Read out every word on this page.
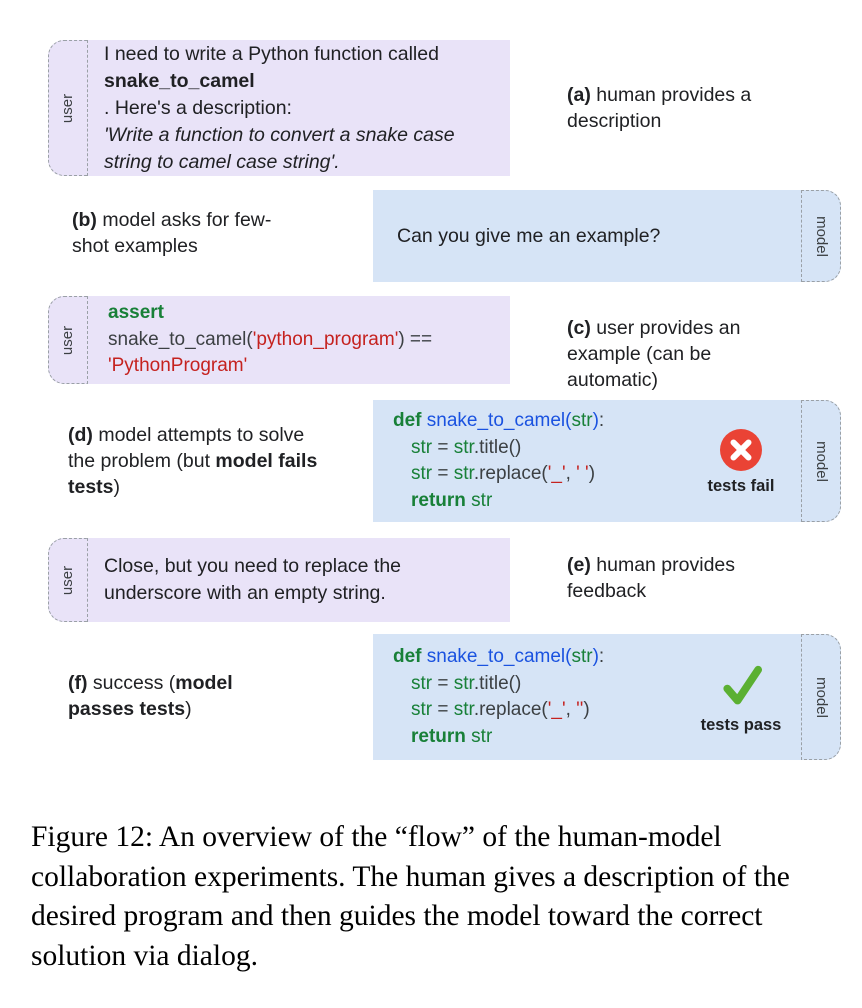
user
I need to write a Python function called
snake_to_camel
. Here's a description:
'Write a function to convert a snake case string to camel case string'.
(a) human provides a description
(b) model asks for few-shot examples	Can you give me an example?	model
user
assert
snake_to_camel('python_program') ==
'PythonProgram'
(c) user provides an example (can be automatic)
(d) model attempts to solve the problem (but model fails tests)
def snake_to_camel(str):
str = str.title()
str = str.replace('_', ' ')
return str
tests fail
model
user Close, but you need to replace the underscore with an empty string.
(e) human provides feedback
(f) success (model passes tests)
def snake_to_camel(str):
str = str.title()
str = str.replace('_', '')
return str
tests pass
model
Figure 12: An overview of the “flow” of the human-model collaboration experiments. The human gives a description of the desired program and then guides the model toward the correct solution via dialog.
